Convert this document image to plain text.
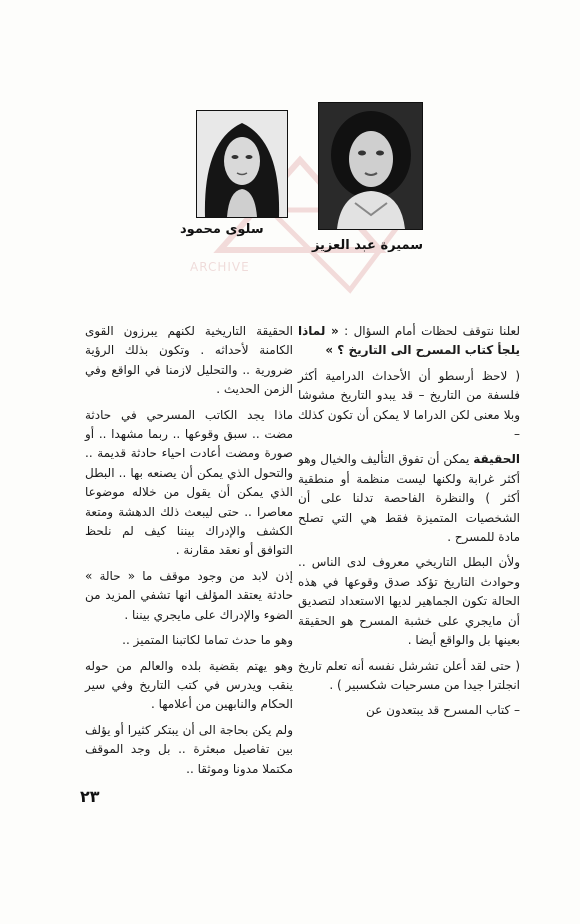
ARCHIVE
سميرة عبد العزيز
سلوى محمود

لعلنا نتوقف لحظات أمام السؤال : « لماذا يلجأ كتاب المسرح الى التاريخ ؟ »

( لاحظ أرسطو أن الأحداث الدرامية أكثر فلسفة من التاريخ – قد يبدو التاريخ مشوشا وبلا معنى لكن الدراما لا يمكن أن تكون كذلك –

الحقيقة يمكن أن تفوق التأليف والخيال وهو أكثر غرابة ولكنها ليست منظمة أو منطقية أكثر ) والنظرة الفاحصة تدلنا على أن الشخصيات المتميزة فقط هي التي تصلح مادة للمسرح .

ولأن البطل التاريخي معروف لدى الناس .. وحوادث التاريخ تؤكد صدق وقوعها في هذه الحالة تكون الجماهير لديها الاستعداد لتصديق أن مايجري على خشبة المسرح هو الحقيقة بعينها بل والواقع أيضا .

( حتى لقد أعلن تشرشل نفسه أنه تعلم تاريخ انجلترا جيدا من مسرحيات شكسبير ) .

– كتاب المسرح قد يبتعدون عن

الحقيقة التاريخية لكنهم يبرزون القوى الكامنة لأحداثه . وتكون بذلك الرؤية ضرورية .. والتحليل لازمنا في الواقع وفي الزمن الحديث .

ماذا يجد الكاتب المسرحي في حادثة مضت .. سبق وقوعها .. ربما مشهدا .. أو صورة ومضت أعادت احياء حادثة قديمة .. والتحول الذي يمكن أن يصنعه بها .. البطل الذي يمكن أن يقول من خلاله موضوعا معاصرا .. حتى ليبعث ذلك الدهشة ومتعة الكشف والإدراك بيننا كيف لم نلحظ التوافق أو نعقد مقارنة .

إذن لابد من وجود موقف ما « حالة » حادثة يعتقد المؤلف انها تشفي المزيد من الضوء والإدراك على مايجري بيننا .

وهو ما حدث تماما لكاتبنا المتميز ..

وهو يهتم بقضية بلده والعالم من حوله ينقب ويدرس في كتب التاريخ وفي سير الحكام والنابهين من أعلامها .

ولم يكن بحاجة الى أن يبتكر كثيرا أو يؤلف بين تفاصيل مبعثرة .. بل وجد الموقف مكتملا مدونا وموثقا ..

٢٣
